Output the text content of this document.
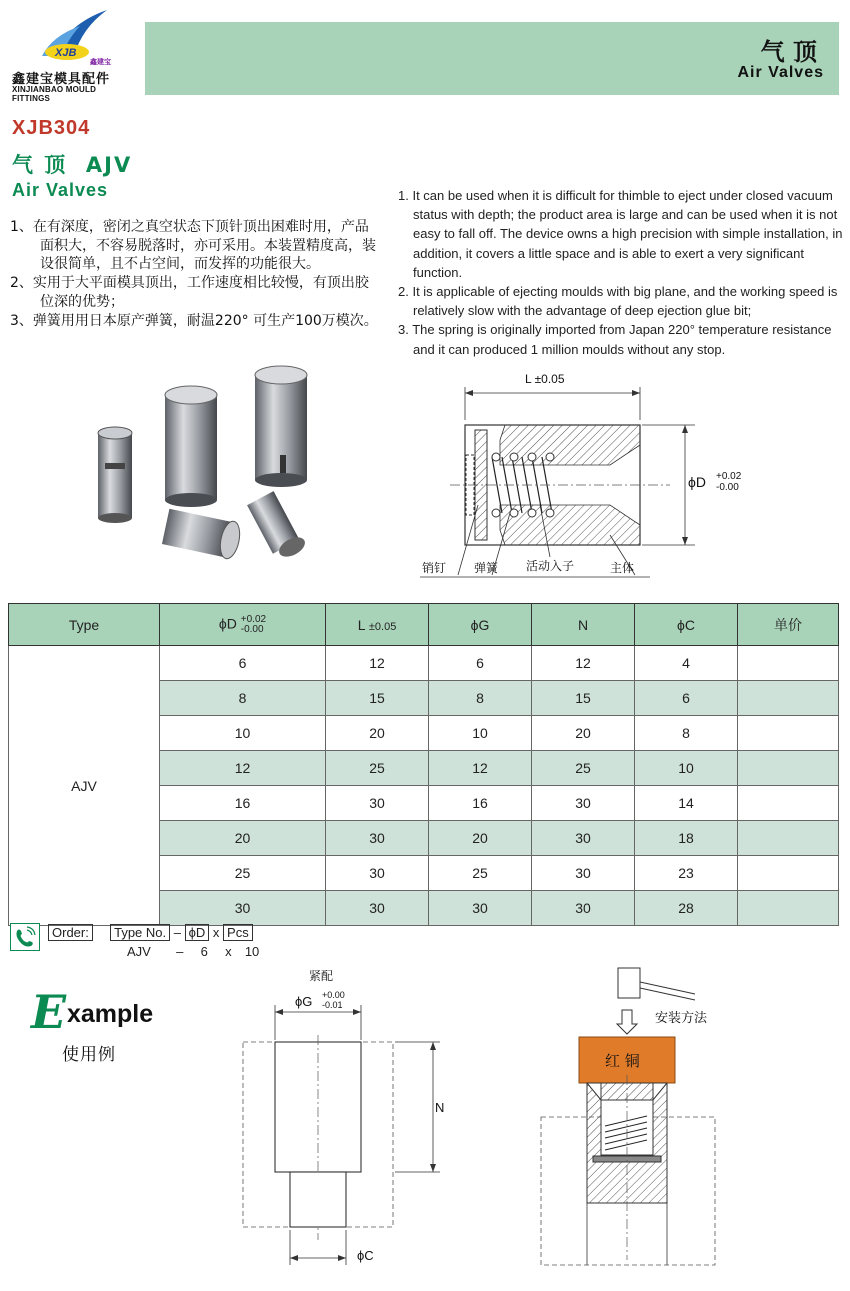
XJB
鑫建宝
鑫建宝模具配件
XINJIANBAO MOULD FITTINGS
气 顶
Air Valves
XJB304
气 顶  AJV
Air Valves

1、在有深度，密闭之真空状态下顶针顶出困难时用，产品面积大，不容易脱落时，亦可采用。本装置精度高，装设很简单，且不占空间，而发挥的功能很大。

2、实用于大平面模具顶出，工作速度相比较慢，有顶出胶位深的优势；

3、弹簧用用日本原产弹簧，耐温220° 可生产100万模次。

1. It can be used when it is difficult for thimble to eject under closed vacuum status with depth; the product area is large and can be used when it is not easy to fall off. The device owns a high precision with simple installation, in addition, it covers a little space and is able to exert a very significant function.

2. It is applicable of ejecting moulds with big plane, and the working speed is relatively slow with the advantage of deep ejection glue bit;

3. The spring is originally imported from Japan 220° temperature resistance and it can produced 1 million moulds without any stop.

L ±0.05
ϕD +0.02
-0.00
销钉 弹簧 活动入子	主体
Type	ϕD +0.02
-0.00	L ±0.05	ϕG	N	ϕC	单价
AJV	6	12	6	12	4	
	8	15	8	15	6	
	10	20	10	20	8	
	12	25	12	25	10	
	16	30	16	30	14	
	20	30	20	30	18	
	25	30	25	30	23	
	30	30	30	30	28	
Order: Type No. – ϕD x Pcs
AJV – 6 x 10
E xample
使用例
紧配
ϕG +0.00
-0.01
N
ϕC
安装方法
红 铜
